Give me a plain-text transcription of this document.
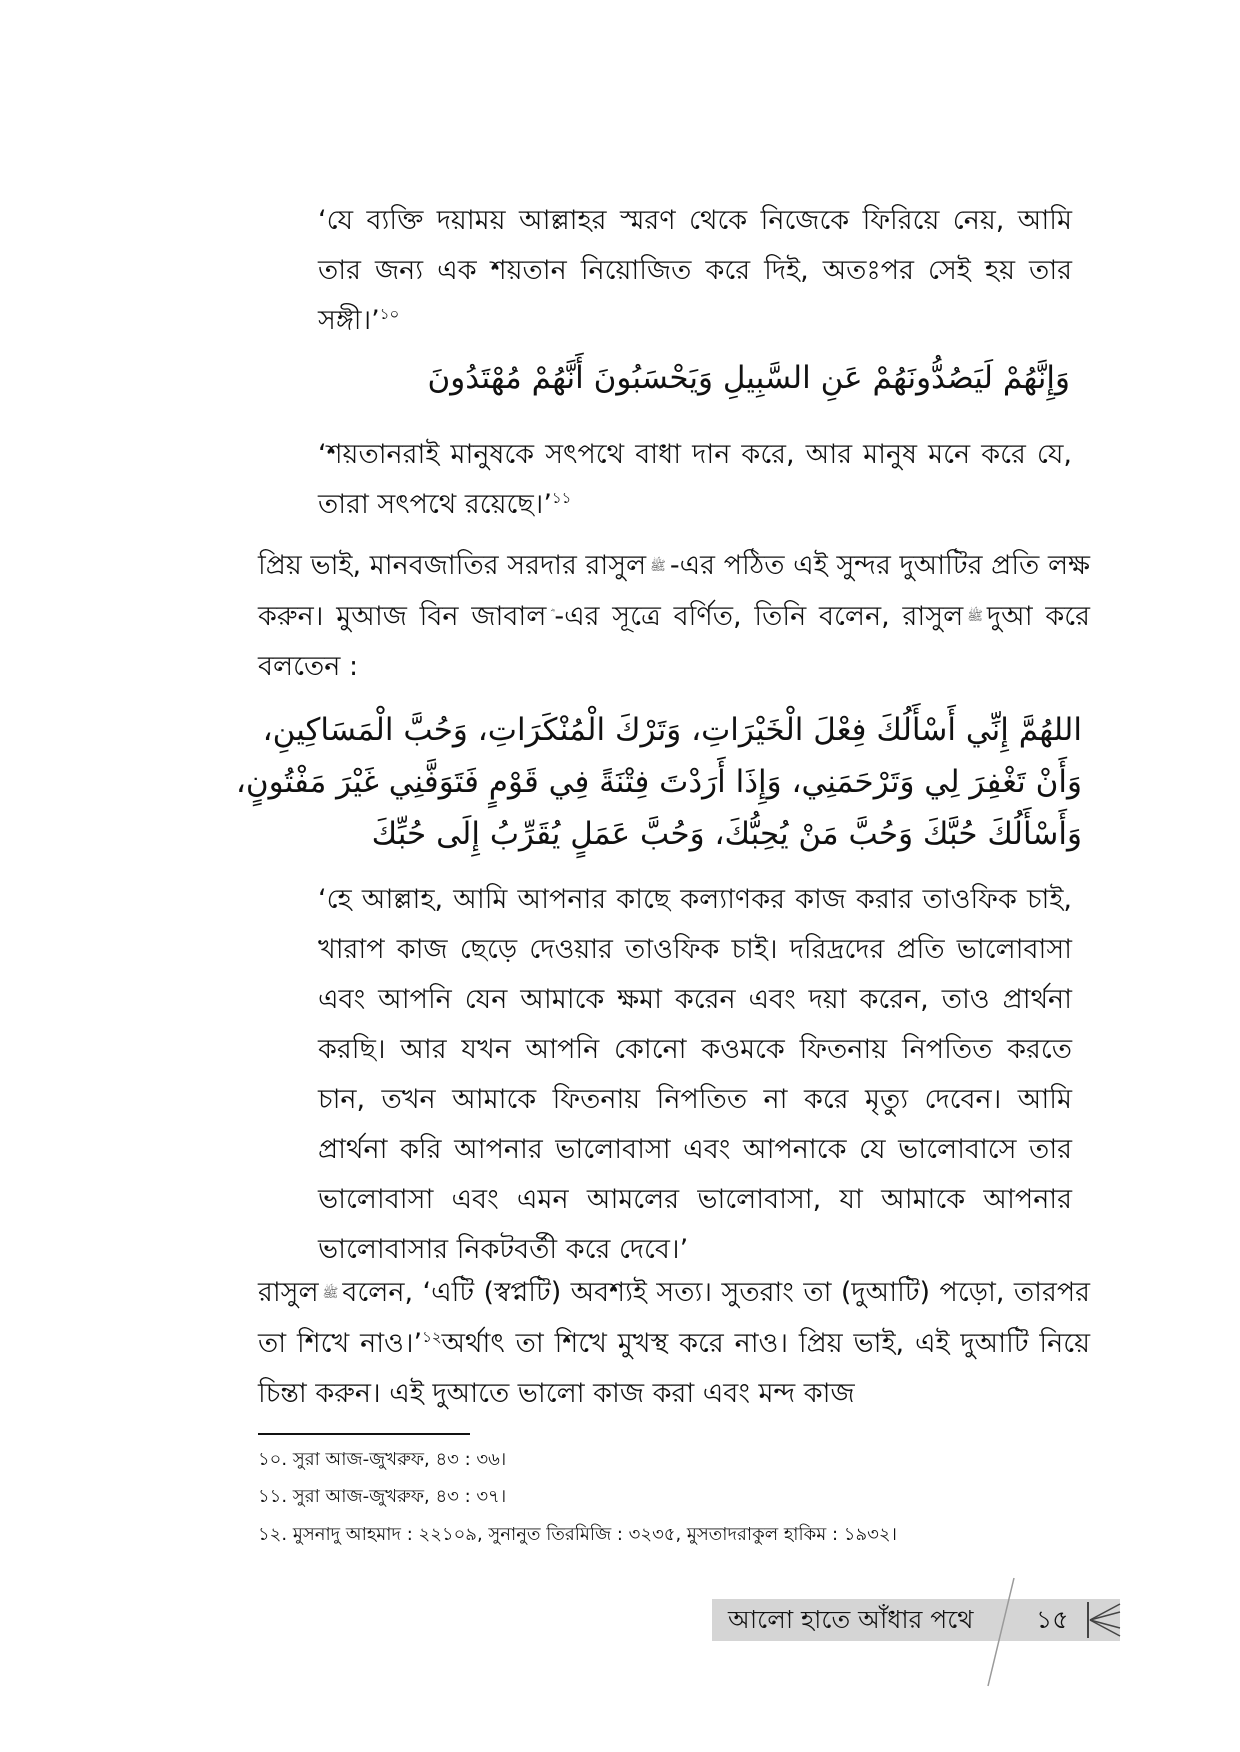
‘যে ব্যক্তি দয়াময় আল্লাহর স্মরণ থেকে নিজেকে ফিরিয়ে নেয়, আমি তার জন্য এক শয়তান নিয়োজিত করে দিই, অতঃপর সেই হয় তার সঙ্গী।’$^{১০}$

وَإِنَّهُمْ لَيَصُدُّونَهُمْ عَنِ السَّبِيلِ وَيَحْسَبُونَ أَنَّهُمْ مُهْتَدُونَ

‘শয়তানরাই মানুষকে সৎপথে বাধা দান করে, আর মানুষ মনে করে যে, তারা সৎপথে রয়েছে।’$^{১১}$

প্রিয় ভাই, মানবজাতির সরদার রাসুল ﷺ -এর পঠিত এই সুন্দর দুআটির প্রতি লক্ষ করুন। মুআজ বিন জাবাল -এর সূত্রে বর্ণিত, তিনি বলেন, রাসুল ﷺ দুআ করে বলতেন :

اللهُمَّ إِنِّي أَسْأَلُكَ فِعْلَ الْخَيْرَاتِ، وَتَرْكَ الْمُنْكَرَاتِ، وَحُبَّ الْمَسَاكِينِ،
وَأَنْ تَغْفِرَ لِي وَتَرْحَمَنِي، وَإِذَا أَرَدْتَ فِتْنَةً فِي قَوْمٍ فَتَوَفَّنِي غَيْرَ مَفْتُونٍ،
وَأَسْأَلُكَ حُبَّكَ وَحُبَّ مَنْ يُحِبُّكَ، وَحُبَّ عَمَلٍ يُقَرِّبُ إِلَى حُبِّكَ

‘হে আল্লাহ, আমি আপনার কাছে কল্যাণকর কাজ করার তাওফিক চাই, খারাপ কাজ ছেড়ে দেওয়ার তাওফিক চাই। দরিদ্রদের প্রতি ভালোবাসা এবং আপনি যেন আমাকে ক্ষমা করেন এবং দয়া করেন, তাও প্রার্থনা করছি। আর যখন আপনি কোনো কওমকে ফিতনায় নিপতিত করতে চান, তখন আমাকে ফিতনায় নিপতিত না করে মৃত্যু দেবেন। আমি প্রার্থনা করি আপনার ভালোবাসা এবং আপনাকে যে ভালোবাসে তার ভালোবাসা এবং এমন আমলের ভালোবাসা, যা আমাকে আপনার ভালোবাসার নিকটবর্তী করে দেবে।’

রাসুল ﷺ বলেন, ‘এটি (স্বপ্নটি) অবশ্যই সত্য। সুতরাং তা (দুআটি) পড়ো, তারপর তা শিখে নাও।’$^{১২}$অর্থাৎ তা শিখে মুখস্থ করে নাও। প্রিয় ভাই, এই দুআটি নিয়ে চিন্তা করুন। এই দুআতে ভালো কাজ করা এবং মন্দ কাজ

১০. সুরা আজ-জুখরুফ, ৪৩ : ৩৬।
১১. সুরা আজ-জুখরুফ, ৪৩ : ৩৭।
১২. মুসনাদু আহমাদ : ২২১০৯, সুনানুত তিরমিজি : ৩২৩৫, মুসতাদরাকুল হাকিম : ১৯৩২।
আলো হাতে আঁধার পথে	১৫
